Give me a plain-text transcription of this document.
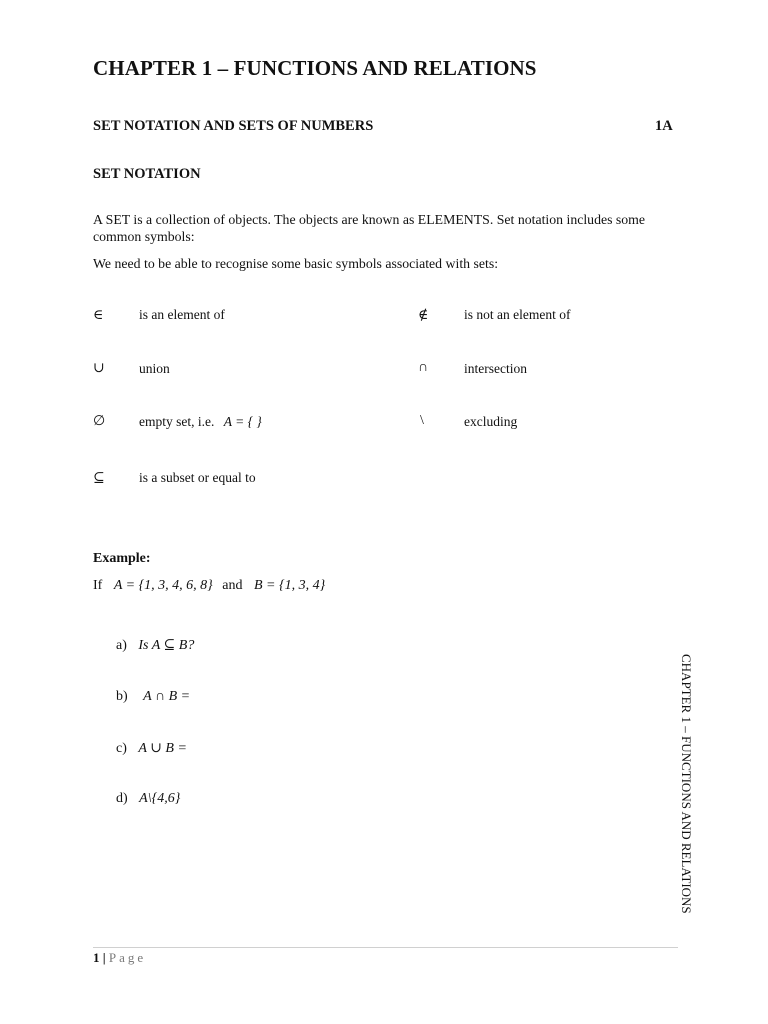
CHAPTER 1 – FUNCTIONS AND RELATIONS
SET NOTATION AND SETS OF NUMBERS	1A
SET NOTATION
A SET is a collection of objects. The objects are known as ELEMENTS. Set notation includes some common symbols:
We need to be able to recognise some basic symbols associated with sets:
∈	is an element of	∉	is not an element of
∪	union	∩	intersection
∅	empty set, i.e. A = { }	\	excluding
⊆	is a subset or equal to
Example:
If A = {1, 3, 4, 6, 8} and B = {1, 3, 4}
a) Is A ⊆ B?
b) A ∩ B =
c) A ∪ B =
d) A\{4,6}	CHAPTER 1 – FUNCTIONS AND RELATIONS
1 | Page
